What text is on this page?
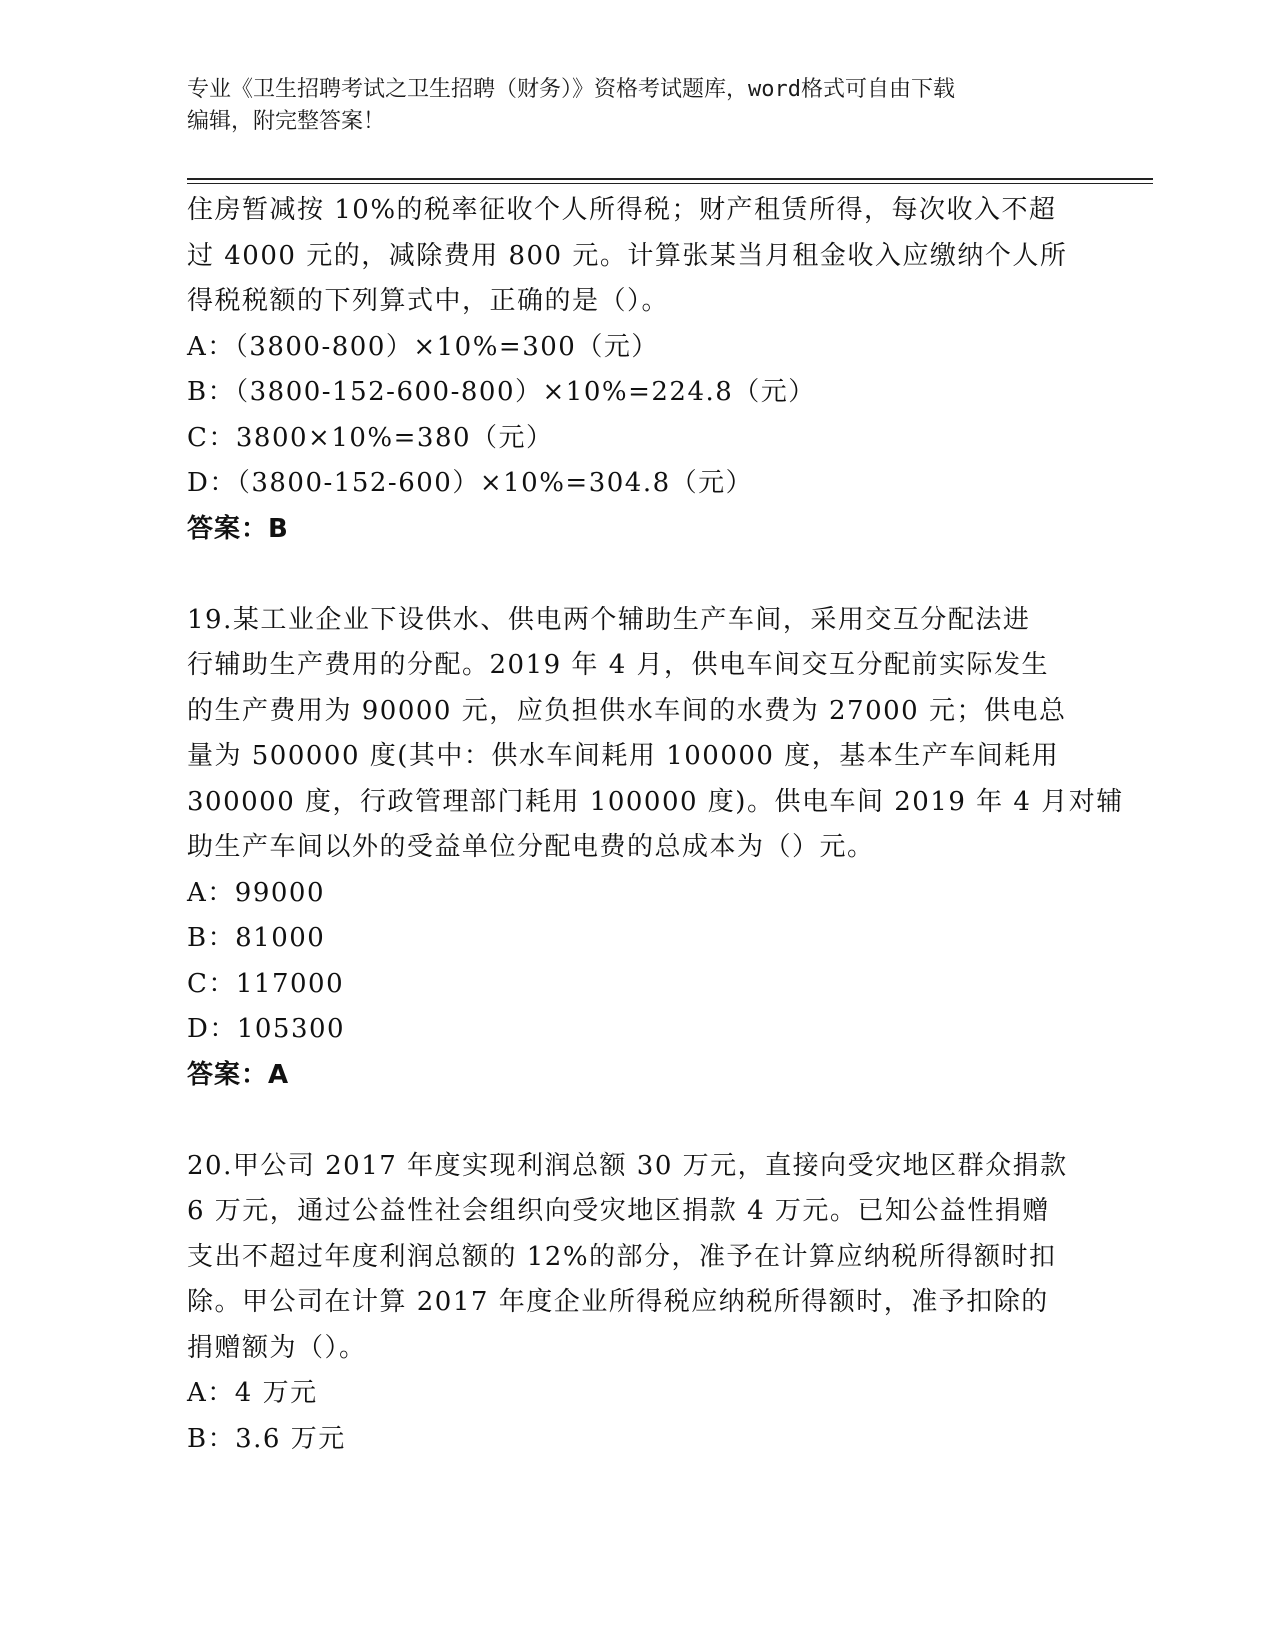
专业《卫生招聘考试之卫生招聘（财务）》资格考试题库，word格式可自由下载
编辑，附完整答案！
住房暂减按 10%的税率征收个人所得税；财产租赁所得，每次收入不超
过 4000 元的，减除费用 800 元。计算张某当月租金收入应缴纳个人所
得税税额的下列算式中，正确的是（）。
A：（3800-800）×10%=300（元）
B：（3800-152-600-800）×10%=224.8（元）
C：3800×10%=380（元）
D：（3800-152-600）×10%=304.8（元）
答案：B
19.某工业企业下设供水、供电两个辅助生产车间，采用交互分配法进
行辅助生产费用的分配。2019 年 4 月，供电车间交互分配前实际发生
的生产费用为 90000 元，应负担供水车间的水费为 27000 元；供电总
量为 500000 度(其中：供水车间耗用 100000 度，基本生产车间耗用
300000 度，行政管理部门耗用 100000 度)。供电车间 2019 年 4 月对辅
助生产车间以外的受益单位分配电费的总成本为（）元。
A：99000
B：81000
C：117000
D：105300
答案：A
20.甲公司 2017 年度实现利润总额 30 万元，直接向受灾地区群众捐款
6 万元，通过公益性社会组织向受灾地区捐款 4 万元。已知公益性捐赠
支出不超过年度利润总额的 12%的部分，准予在计算应纳税所得额时扣
除。甲公司在计算 2017 年度企业所得税应纳税所得额时，准予扣除的
捐赠额为（）。
A：4 万元
B：3.6 万元
